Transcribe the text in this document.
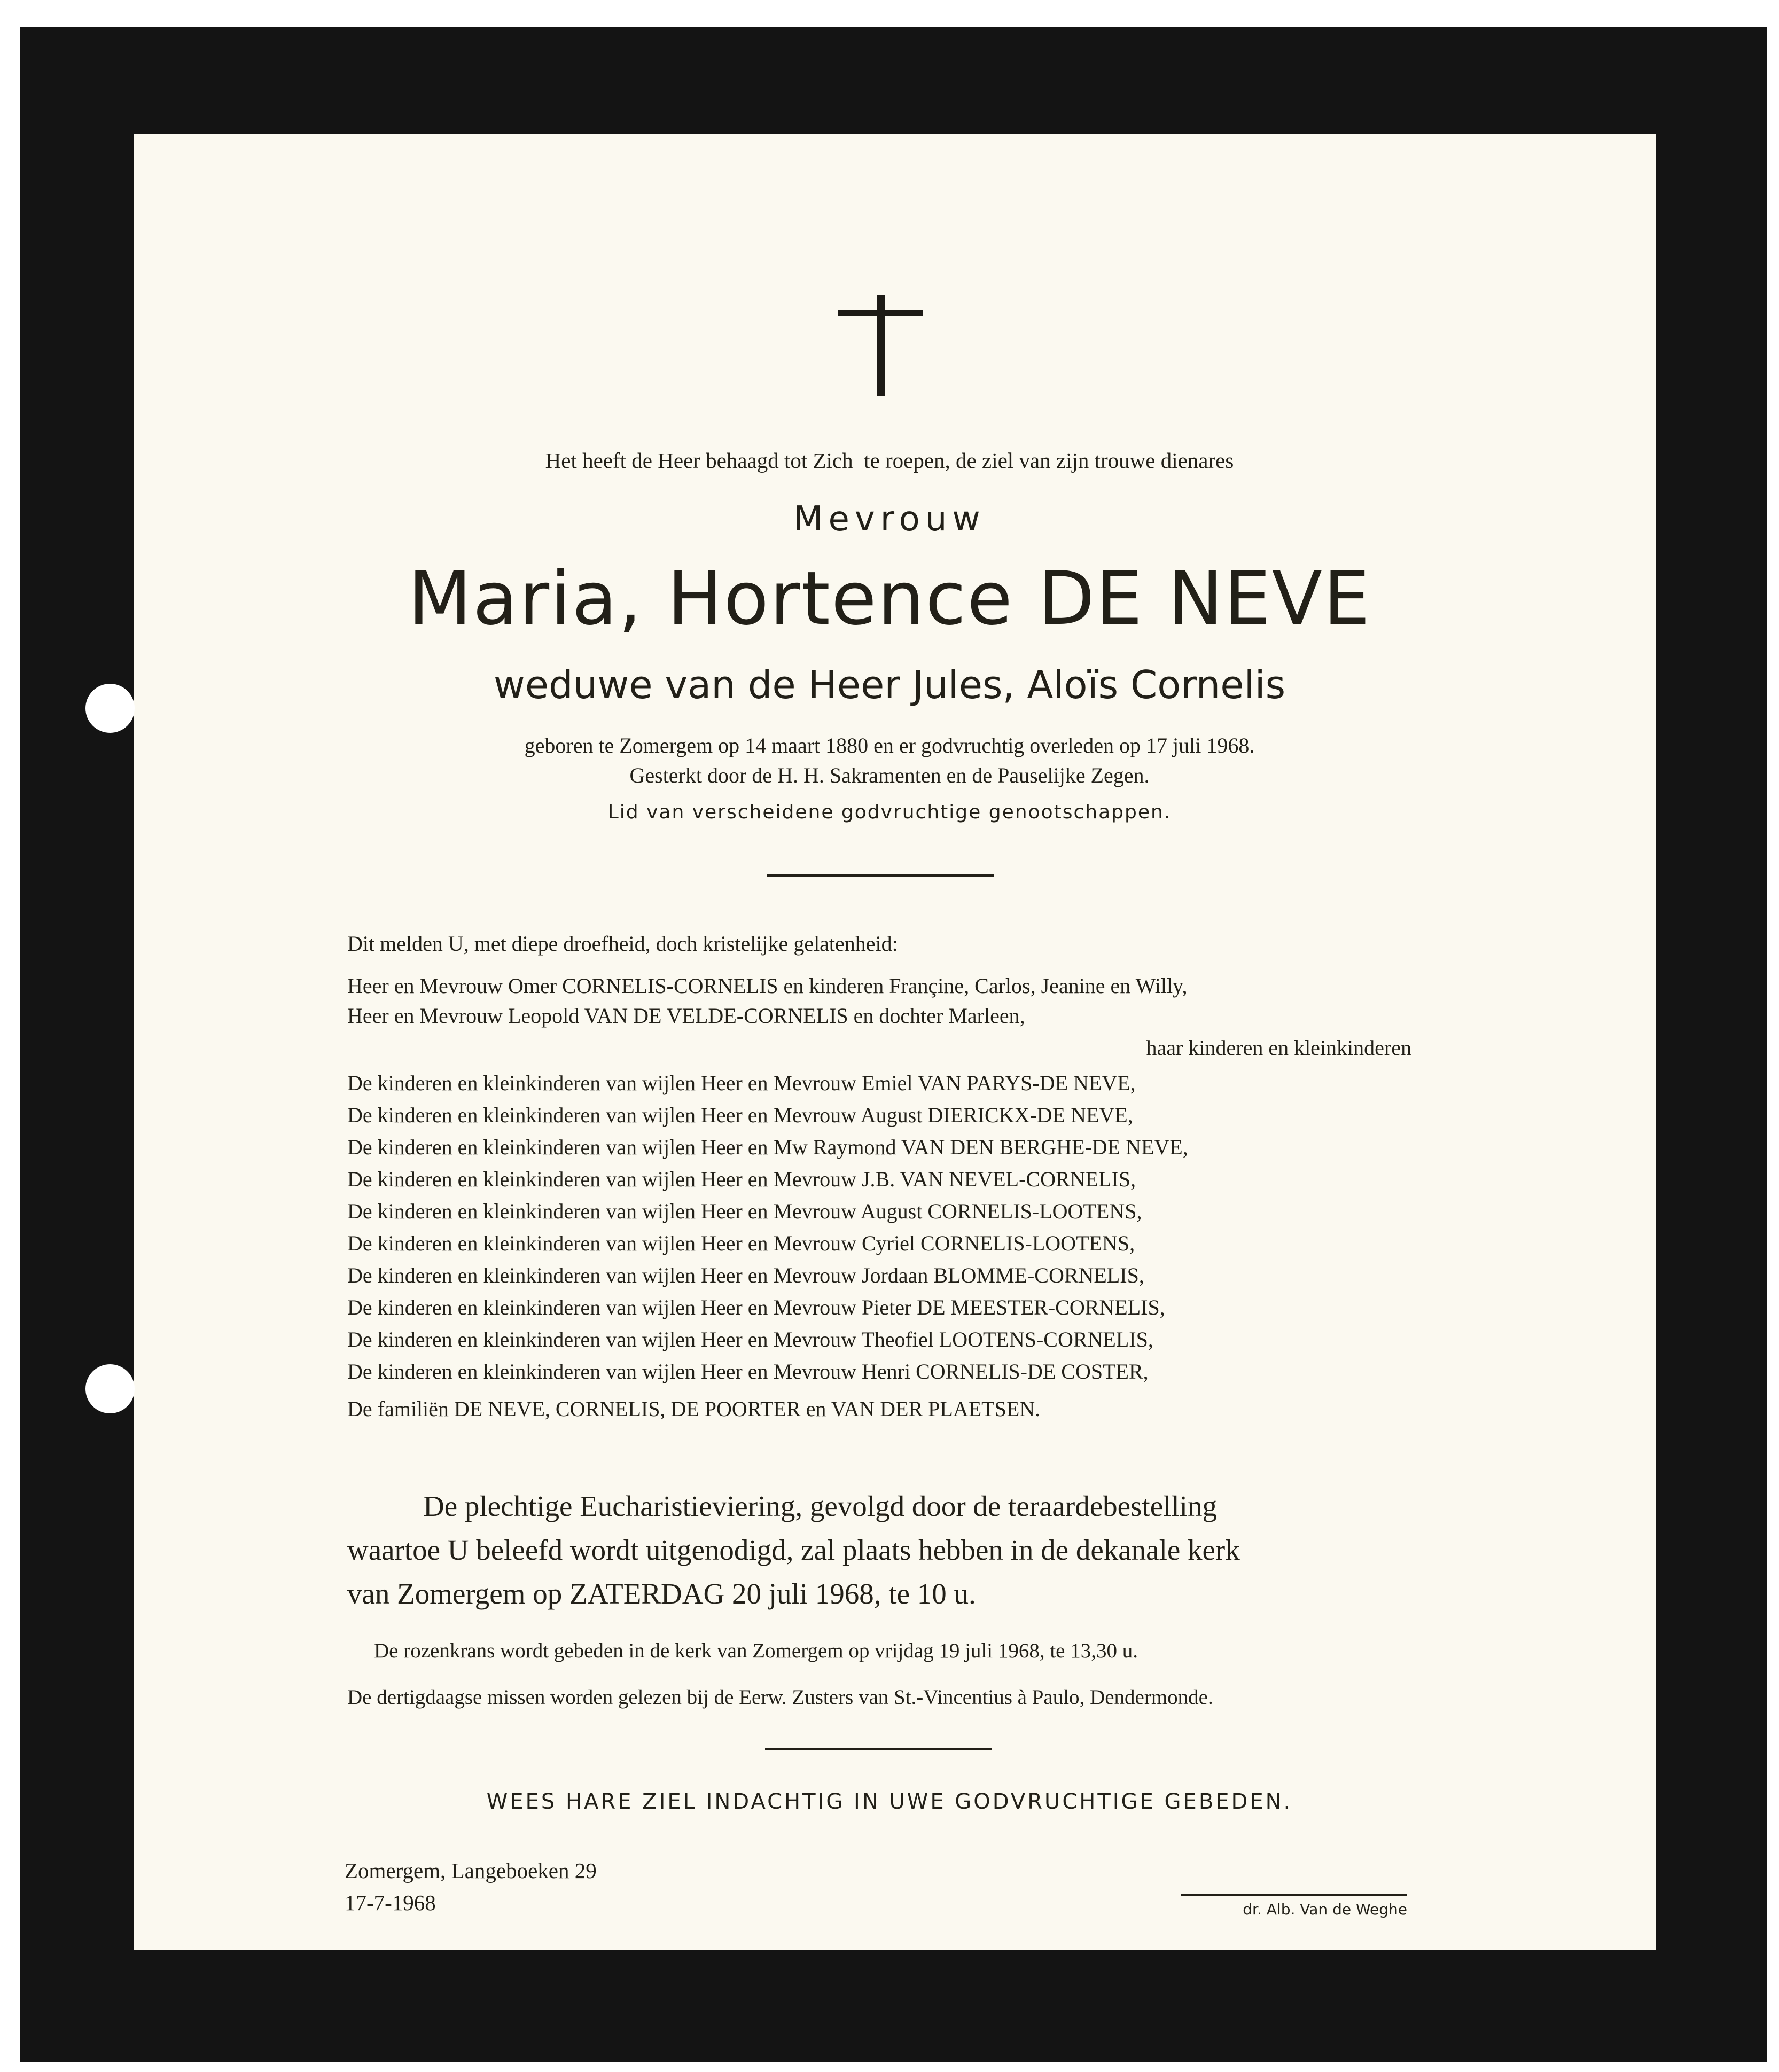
Het heeft de Heer behaagd tot Zich  te roepen, de ziel van zijn trouwe dienares
Mevrouw
Maria, Hortence DE NEVE
weduwe van de Heer Jules, Aloïs Cornelis
geboren te Zomergem op 14 maart 1880 en er godvruchtig overleden op 17 juli 1968.
Gesterkt door de H. H. Sakramenten en de Pauselijke Zegen.
Lid van verscheidene godvruchtige genootschappen.
Dit melden U, met diepe droefheid, doch kristelijke gelatenheid:
Heer en Mevrouw Omer CORNELIS-CORNELIS en kinderen Françine, Carlos, Jeanine en Willy,
Heer en Mevrouw Leopold VAN DE VELDE-CORNELIS en dochter Marleen,
haar kinderen en kleinkinderen
De kinderen en kleinkinderen van wijlen Heer en Mevrouw Emiel VAN PARYS-DE NEVE,
De kinderen en kleinkinderen van wijlen Heer en Mevrouw August DIERICKX-DE NEVE,
De kinderen en kleinkinderen van wijlen Heer en Mw Raymond VAN DEN BERGHE-DE NEVE,
De kinderen en kleinkinderen van wijlen Heer en Mevrouw J.B. VAN NEVEL-CORNELIS,
De kinderen en kleinkinderen van wijlen Heer en Mevrouw August CORNELIS-LOOTENS,
De kinderen en kleinkinderen van wijlen Heer en Mevrouw Cyriel CORNELIS-LOOTENS,
De kinderen en kleinkinderen van wijlen Heer en Mevrouw Jordaan BLOMME-CORNELIS,
De kinderen en kleinkinderen van wijlen Heer en Mevrouw Pieter DE MEESTER-CORNELIS,
De kinderen en kleinkinderen van wijlen Heer en Mevrouw Theofiel LOOTENS-CORNELIS,
De kinderen en kleinkinderen van wijlen Heer en Mevrouw Henri CORNELIS-DE COSTER,
De familiën DE NEVE, CORNELIS, DE POORTER en VAN DER PLAETSEN.
De plechtige Eucharistieviering, gevolgd door de teraardebestelling
waartoe U beleefd wordt uitgenodigd, zal plaats hebben in de dekanale kerk
van Zomergem op ZATERDAG 20 juli 1968, te 10 u.
De rozenkrans wordt gebeden in de kerk van Zomergem op vrijdag 19 juli 1968, te 13,30 u.
De dertigdaagse missen worden gelezen bij de Eerw. Zusters van St.-Vincentius à Paulo, Dendermonde.
WEES HARE ZIEL INDACHTIG IN UWE GODVRUCHTIGE GEBEDEN.
Zomergem, Langeboeken 29
17-7-1968	dr. Alb. Van de Weghe
